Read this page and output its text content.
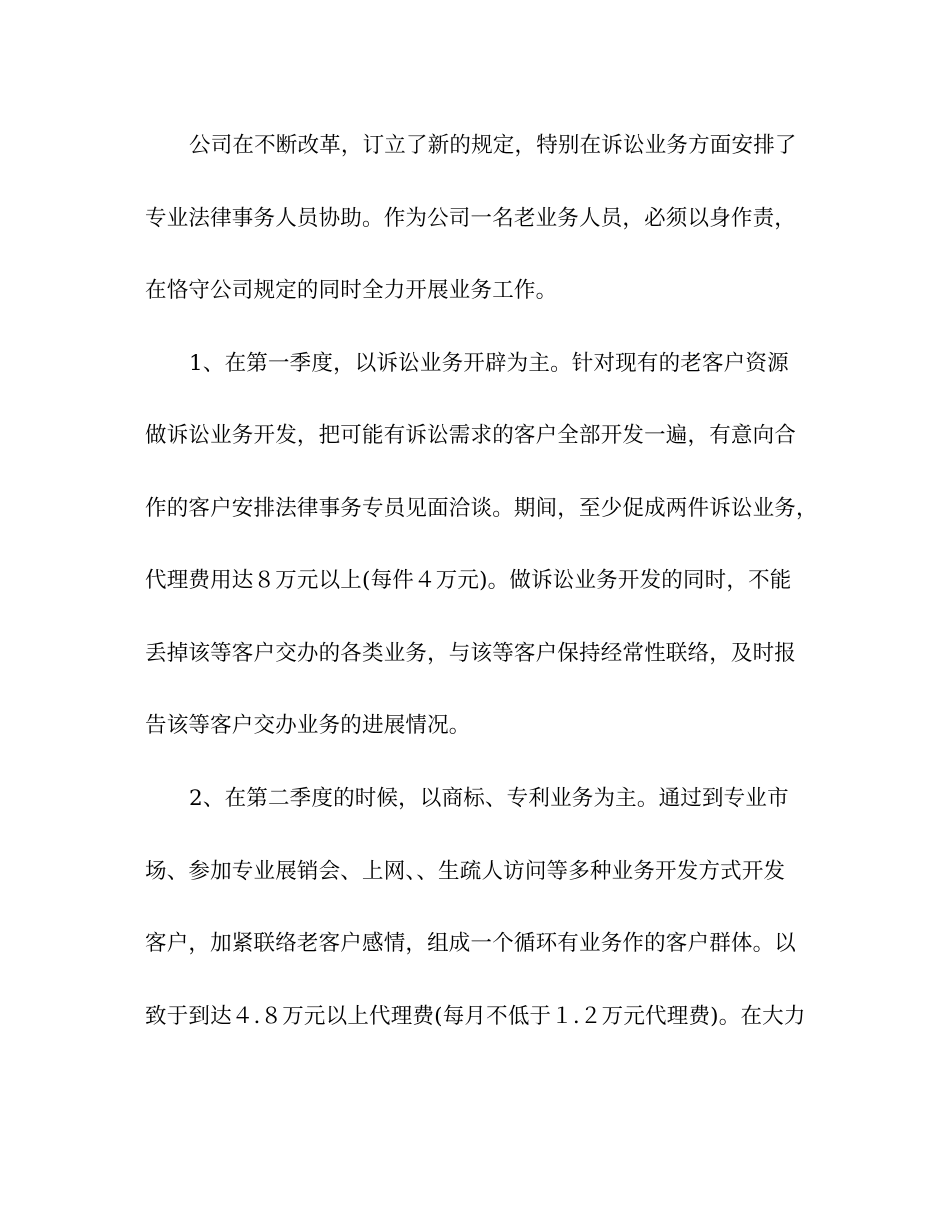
公司在不断改革，订立了新的规定，特别在诉讼业务方面安排了
专业法律事务人员协助。作为公司一名老业务人员，必须以身作责，
在恪守公司规定的同时全力开展业务工作。
1、在第一季度，以诉讼业务开辟为主。针对现有的老客户资源
做诉讼业务开发，把可能有诉讼需求的客户全部开发一遍，有意向合
作的客户安排法律事务专员见面洽谈。期间，至少促成两件诉讼业务，
代理费用达８万元以上(每件４万元)。做诉讼业务开发的同时，不能
丢掉该等客户交办的各类业务，与该等客户保持经常性联络，及时报
告该等客户交办业务的进展情况。
2、在第二季度的时候，以商标、专利业务为主。通过到专业市
场、参加专业展销会、上网、、生疏人访问等多种业务开发方式开发
客户，加紧联络老客户感情，组成一个循环有业务作的客户群体。以
致于到达４.８万元以上代理费(每月不低于１.２万元代理费)。在大力
